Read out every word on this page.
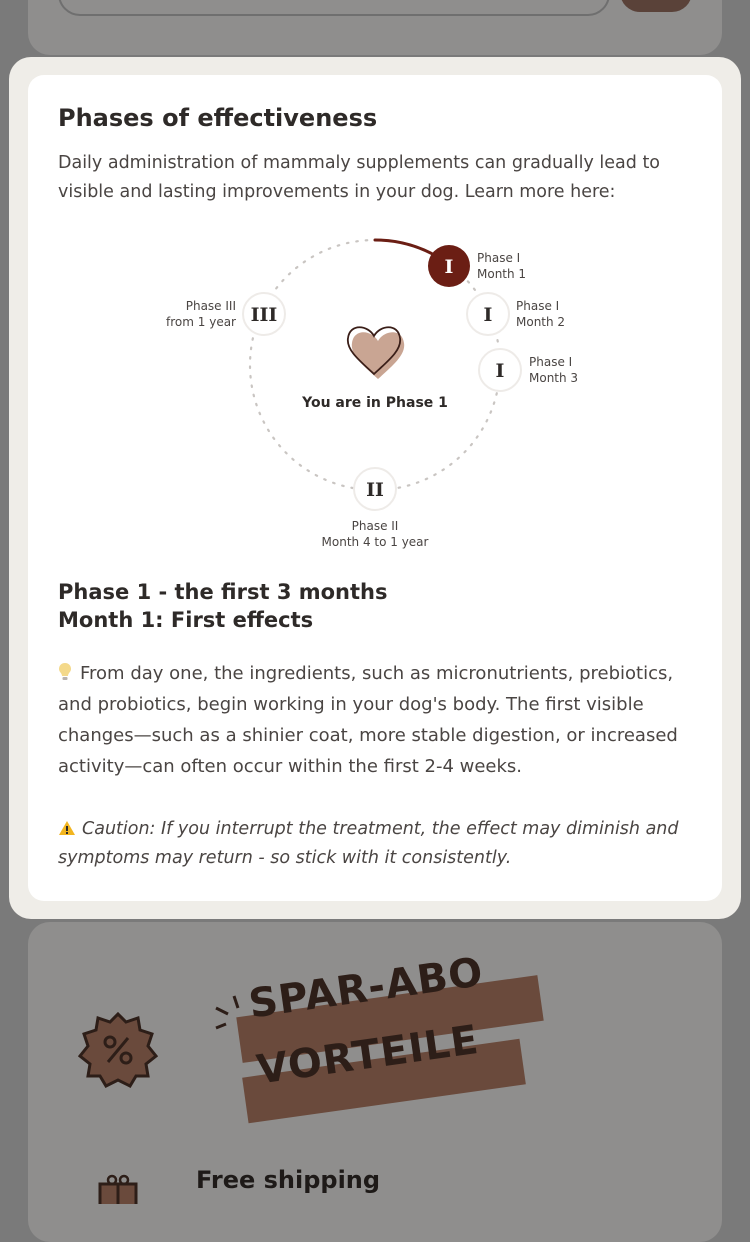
SPAR-ABO
VORTEILE
Free shipping
Phases of effectiveness

Daily administration of mammaly supplements can gradually lead to visible and lasting improvements in your dog. Learn more here:

You are in Phase 1
I Phase I
Month 1
I Phase I
Month 2
I Phase I
Month 3
II
Phase II
Month 4 to 1 year
III
Phase III
from 1 year
Phase 1 - the first 3 months
Month 1: First effects

From day one, the ingredients, such as micronutrients, prebiotics, and probiotics, begin working in your dog's body. The first visible changes—such as a shinier coat, more stable digestion, or increased activity—can often occur within the first 2-4 weeks.

Caution: If you interrupt the treatment, the effect may diminish and symptoms may return - so stick with it consistently.
